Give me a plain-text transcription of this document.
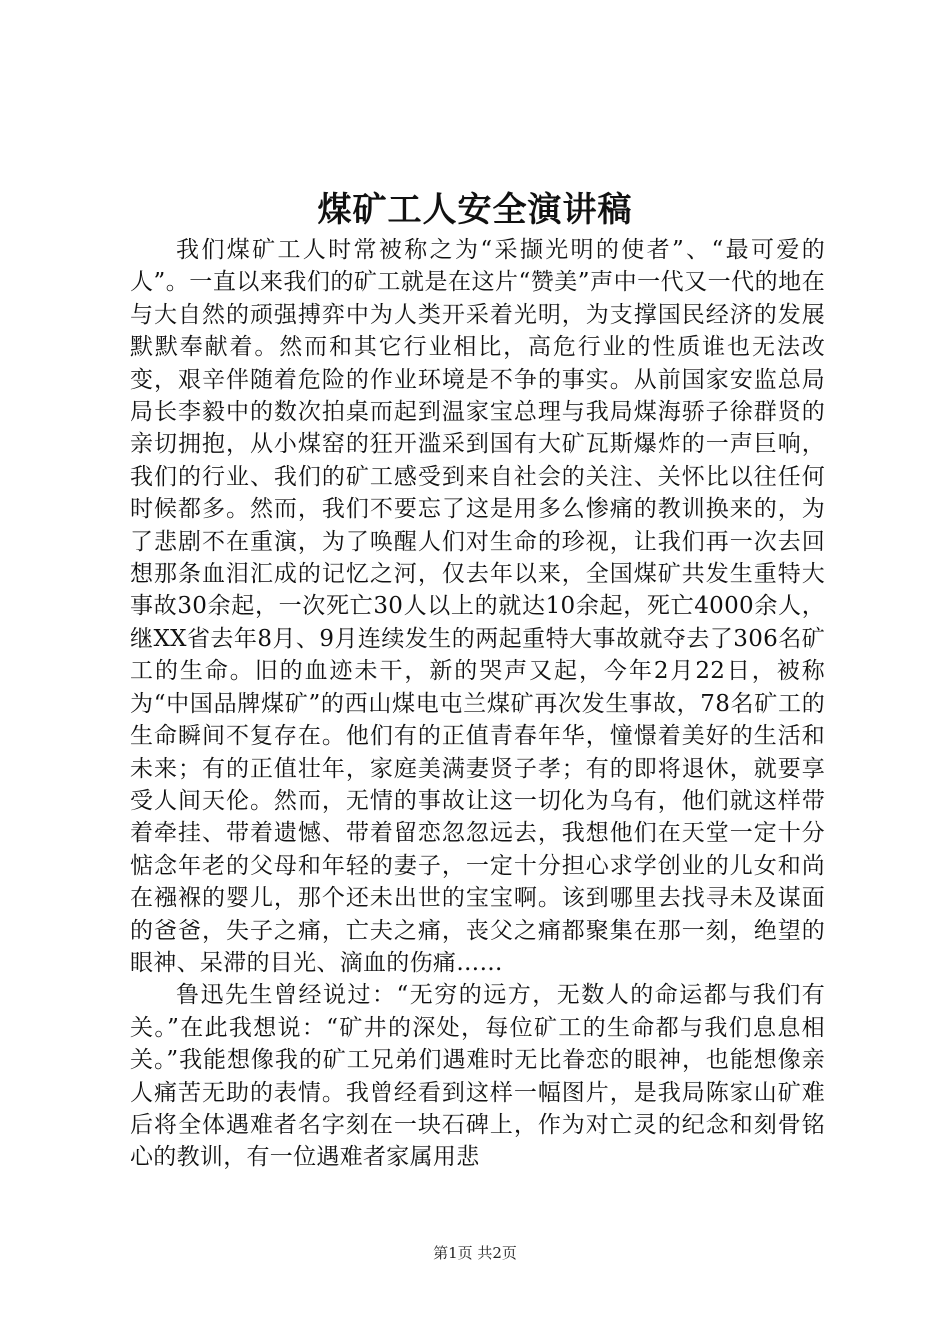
煤矿工人安全演讲稿

我们煤矿工人时常被称之为“采撷光明的使者”、“最可爱的人”。一直以来我们的矿工就是在这片“赞美”声中一代又一代的地在与大自然的顽强搏弈中为人类开采着光明，为支撑国民经济的发展默默奉献着。然而和其它行业相比，高危行业的性质谁也无法改变，艰辛伴随着危险的作业环境是不争的事实。从前国家安监总局局长李毅中的数次拍桌而起到温家宝总理与我局煤海骄子徐群贤的亲切拥抱，从小煤窑的狂开滥采到国有大矿瓦斯爆炸的一声巨响，我们的行业、我们的矿工感受到来自社会的关注、关怀比以往任何时候都多。然而，我们不要忘了这是用多么惨痛的教训换来的，为了悲剧不在重演，为了唤醒人们对生命的珍视，让我们再一次去回想那条血泪汇成的记忆之河，仅去年以来，全国煤矿共发生重特大事故30余起，一次死亡30人以上的就达10余起，死亡4000余人，继XX省去年8月、9月连续发生的两起重特大事故就夺去了306名矿工的生命。旧的血迹未干，新的哭声又起，今年2月22日，被称为“中国品牌煤矿”的西山煤电屯兰煤矿再次发生事故，78名矿工的生命瞬间不复存在。他们有的正值青春年华，憧憬着美好的生活和未来；有的正值壮年，家庭美满妻贤子孝；有的即将退休，就要享受人间天伦。然而，无情的事故让这一切化为乌有，他们就这样带着牵挂、带着遗憾、带着留恋忽忽远去，我想他们在天堂一定十分惦念年老的父母和年轻的妻子，一定十分担心求学创业的儿女和尚在襁褓的婴儿，那个还未出世的宝宝啊。该到哪里去找寻未及谋面的爸爸，失子之痛，亡夫之痛，丧父之痛都聚集在那一刻，绝望的眼神、呆滞的目光、滴血的伤痛……

鲁迅先生曾经说过：“无穷的远方，无数人的命运都与我们有关。”在此我想说：“矿井的深处，每位矿工的生命都与我们息息相关。”我能想像我的矿工兄弟们遇难时无比眷恋的眼神，也能想像亲人痛苦无助的表情。我曾经看到这样一幅图片，是我局陈家山矿难后将全体遇难者名字刻在一块石碑上，作为对亡灵的纪念和刻骨铭心的教训，有一位遇难者家属用悲

第1页 共2页
